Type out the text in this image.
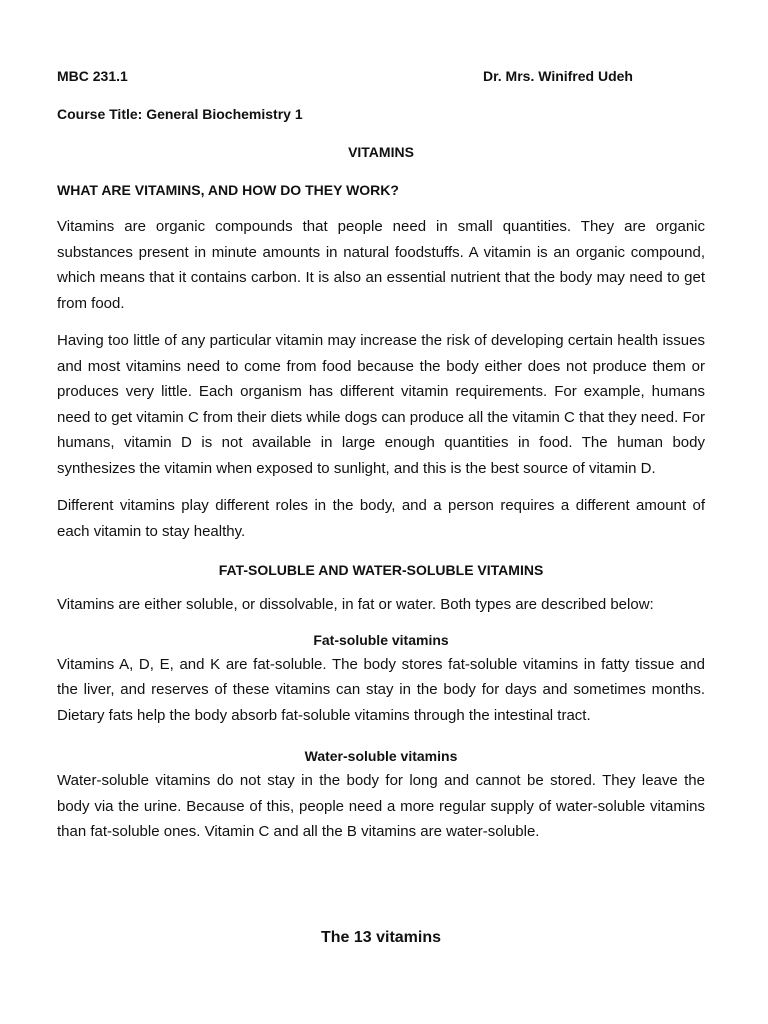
MBC 231.1	Dr. Mrs. Winifred Udeh
Course Title: General Biochemistry 1
VITAMINS
WHAT ARE VITAMINS, AND HOW DO THEY WORK?

Vitamins are organic compounds that people need in small quantities. They are organic substances present in minute amounts in natural foodstuffs. A vitamin is an organic compound, which means that it contains carbon. It is also an essential nutrient that the body may need to get from food.

Having too little of any particular vitamin may increase the risk of developing certain health issues and most vitamins need to come from food because the body either does not produce them or produces very little. Each organism has different vitamin requirements. For example, humans need to get vitamin C from their diets while dogs can produce all the vitamin C that they need. For humans, vitamin D is not available in large enough quantities in food. The human body synthesizes the vitamin when exposed to sunlight, and this is the best source of vitamin D.

Different vitamins play different roles in the body, and a person requires a different amount of each vitamin to stay healthy.

FAT-SOLUBLE AND WATER-SOLUBLE VITAMINS

Vitamins are either soluble, or dissolvable, in fat or water. Both types are described below:

Fat-soluble vitamins

Vitamins A, D, E, and K are fat-soluble. The body stores fat-soluble vitamins in fatty tissue and the liver, and reserves of these vitamins can stay in the body for days and sometimes months. Dietary fats help the body absorb fat-soluble vitamins through the intestinal tract.

Water-soluble vitamins

Water-soluble vitamins do not stay in the body for long and cannot be stored. They leave the body via the urine. Because of this, people need a more regular supply of water-soluble vitamins than fat-soluble ones. Vitamin C and all the B vitamins are water-soluble.

The 13 vitamins
